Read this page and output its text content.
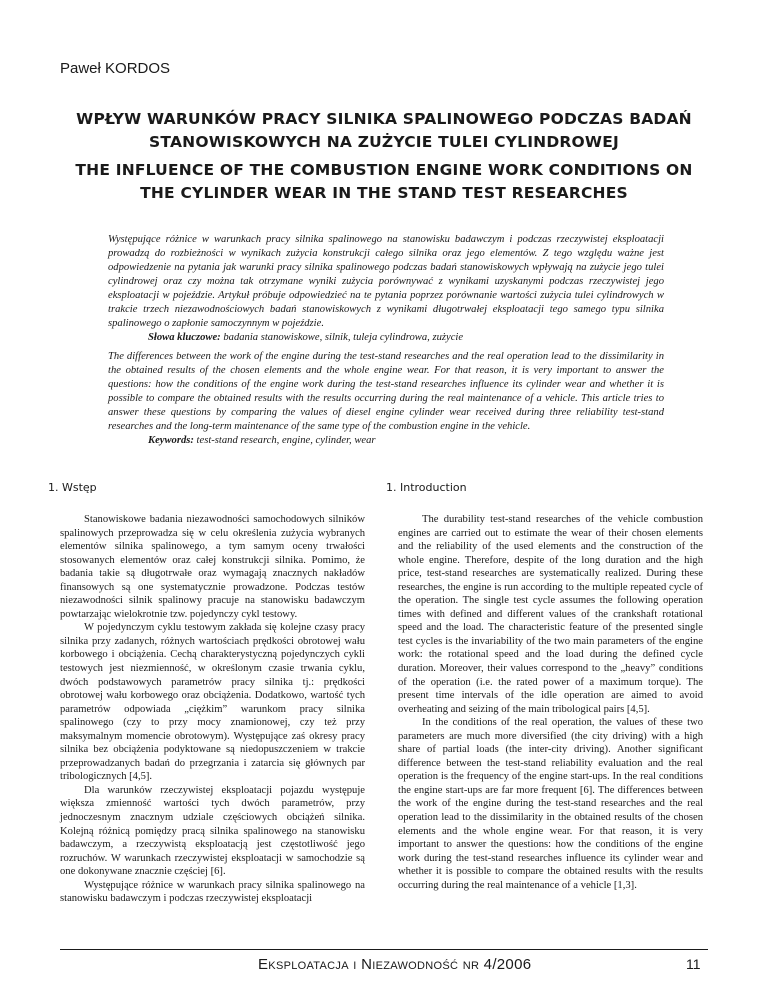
Paweł KORDOS
WPŁYW WARUNKÓW PRACY SILNIKA SPALINOWEGO PODCZAS BADAŃ STANOWISKOWYCH NA ZUŻYCIE TULEI CYLINDROWEJ
THE INFLUENCE OF THE COMBUSTION ENGINE WORK CONDITIONS ON THE CYLINDER WEAR IN THE STAND TEST RESEARCHES
Występujące różnice w warunkach pracy silnika spalinowego na stanowisku badawczym i podczas rzeczywistej eksploatacji prowadzą do rozbieżności w wynikach zużycia konstrukcji całego silnika oraz jego elementów. Z tego względu ważne jest odpowiedzenie na pytania jak warunki pracy silnika spalinowego podczas badań stanowiskowych wpływają na zużycie jego tulei cylindrowej oraz czy można tak otrzymane wyniki zużycia porównywać z wynikami uzyskanymi podczas rzeczywistej jego eksploatacji w pojeździe. Artykuł próbuje odpowiedzieć na te pytania poprzez porównanie wartości zużycia tulei cylindrowych w trakcie trzech niezawodnościowych badań stanowiskowych z wynikami długotrwałej eksploatacji tego samego typu silnika spalinowego o zapłonie samoczynnym w pojeździe.
Słowa kluczowe: badania stanowiskowe, silnik, tuleja cylindrowa, zużycie
The differences between the work of the engine during the test-stand researches and the real operation lead to the dissimilarity in the obtained results of the chosen elements and the whole engine wear. For that reason, it is very important to answer the questions: how the conditions of the engine work during the test-stand researches influence its cylinder wear and whether it is possible to compare the obtained results with the results occurring during the real maintenance of a vehicle. This article tries to answer these questions by comparing the values of diesel engine cylinder wear received during three reliability test-stand researches and the long-term maintenance of the same type of the combustion engine in the vehicle.
Keywords: test-stand research, engine, cylinder, wear
1. Wstęp

Stanowiskowe badania niezawodności samochodowych silników spalinowych przeprowadza się w celu określenia zużycia wybranych elementów silnika spalinowego, a tym samym oceny trwałości stosowanych elementów oraz całej konstrukcji silnika. Pomimo, że badania takie są długotrwałe oraz wymagają znacznych nakładów finansowych są one systematycznie prowadzone. Podczas testów niezawodności silnik spalinowy pracuje na stanowisku badawczym powtarzając wielokrotnie tzw. pojedynczy cykl testowy.

W pojedynczym cyklu testowym zakłada się kolejne czasy pracy silnika przy zadanych, różnych wartościach prędkości obrotowej wału korbowego i obciążenia. Cechą charakterystyczną pojedynczych cykli testowych jest niezmienność, w określonym czasie trwania cyklu, dwóch podstawowych parametrów pracy silnika tj.: prędkości obrotowej wału korbowego oraz obciążenia. Dodatkowo, wartość tych parametrów odpowiada „ciężkim” warunkom pracy silnika spalinowego (czy to przy mocy znamionowej, czy też przy maksymalnym momencie obrotowym). Występujące zaś okresy pracy silnika bez obciążenia podyktowane są niedopuszczeniem w trakcie przeprowadzanych badań do przegrzania i zatarcia się głównych par tribologicznych [4,5].

Dla warunków rzeczywistej eksploatacji pojazdu występuje większa zmienność wartości tych dwóch parametrów, przy jednoczesnym znacznym udziale częściowych obciążeń silnika. Kolejną różnicą pomiędzy pracą silnika spalinowego na stanowisku badawczym, a rzeczywistą eksploatacją jest częstotliwość jego rozruchów. W warunkach rzeczywistej eksploatacji w samochodzie są one dokonywane znacznie częściej [6].

Występujące różnice w warunkach pracy silnika spalinowego na stanowisku badawczym i podczas rzeczywistej eksploatacji

1. Introduction

The durability test-stand researches of the vehicle combustion engines are carried out to estimate the wear of their chosen elements and the reliability of the used elements and the construction of the whole engine. Therefore, despite of the long duration and the high price, test-stand researches are systematically realized. During these researches, the engine is run according to the multiple repeated cycle of the operation. The single test cycle assumes the following operation times with defined and different values of the crankshaft rotational speed and the load. The characteristic feature of the presented single test cycles is the invariability of the two main parameters of the engine work: the rotational speed and the load during the defined cycle duration. Moreover, their values correspond to the „heavy” conditions of the operation (i.e. the rated power of a maximum torque). The present time intervals of the idle operation are aimed to avoid overheating and seizing of the main tribological pairs [4,5].

In the conditions of the real operation, the values of these two parameters are much more diversified (the city driving) with a high share of partial loads (the inter-city driving). Another significant difference between the test-stand reliability evaluation and the real operation is the frequency of the engine start-ups. In the real conditions the engine start-ups are far more frequent [6]. The differences between the work of the engine during the test-stand researches and the real operation lead to the dissimilarity in the obtained results of the chosen elements and the whole engine wear. For that reason, it is very important to answer the questions: how the conditions of the engine work during the test-stand researches influence its cylinder wear and whether it is possible to compare the obtained results with the results occurring during the real maintenance of a vehicle [1,3].

Eksploatacja i Niezawodność nr 4/2006	11
